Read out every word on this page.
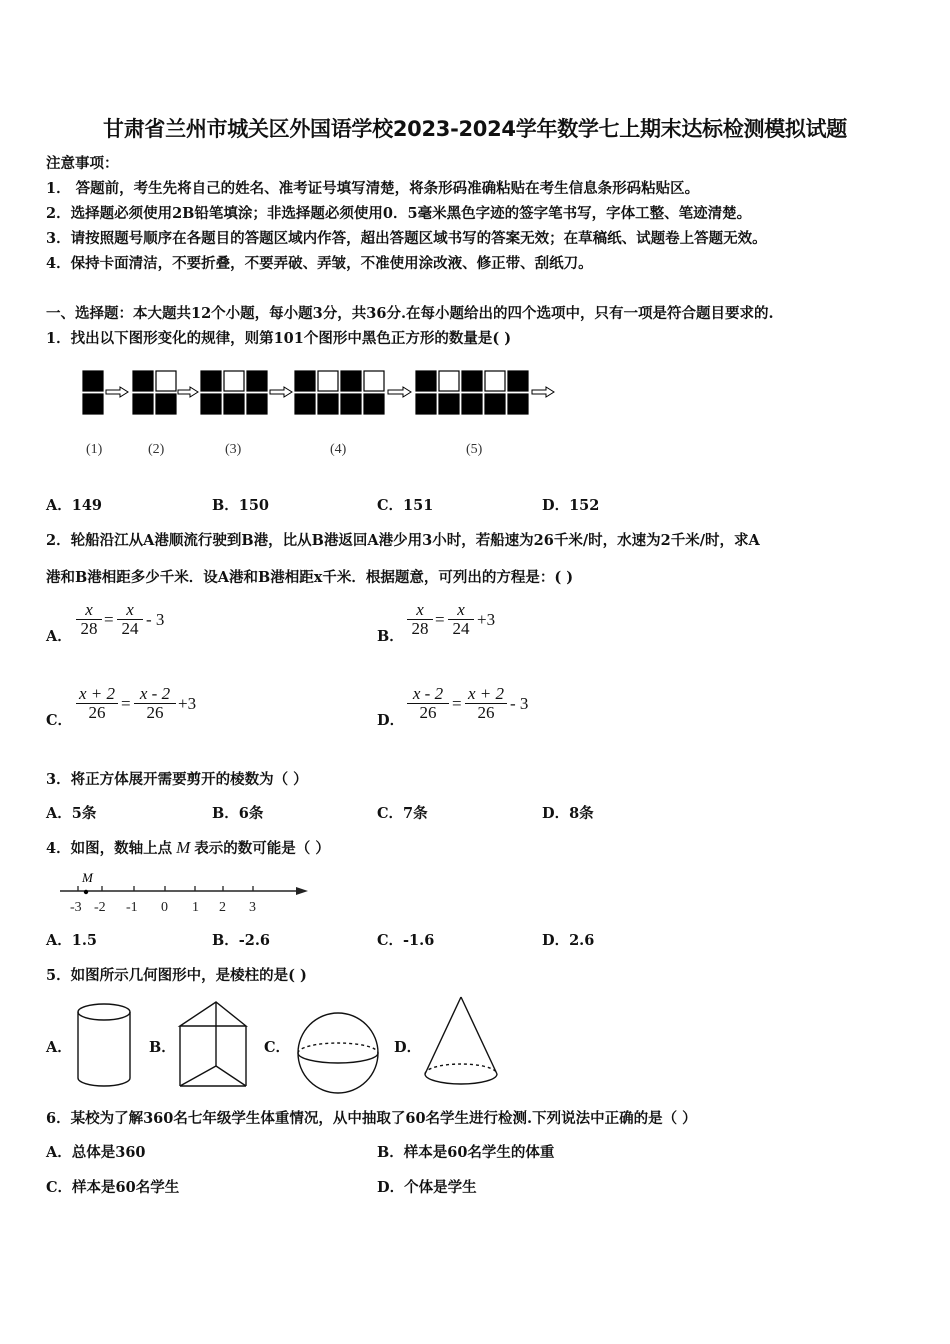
甘肃省兰州市城关区外国语学校2023-2024学年数学七上期末达标检测模拟试题
注意事项：
1． 答题前，考生先将自己的姓名、准考证号填写清楚，将条形码准确粘贴在考生信息条形码粘贴区。
2．选择题必须使用2B铅笔填涂；非选择题必须使用0．5毫米黑色字迹的签字笔书写，字体工整、笔迹清楚。
3．请按照题号顺序在各题目的答题区域内作答，超出答题区域书写的答案无效；在草稿纸、试题卷上答题无效。
4．保持卡面清洁，不要折叠，不要弄破、弄皱，不准使用涂改液、修正带、刮纸刀。
一、选择题：本大题共12个小题，每小题3分，共36分.在每小题给出的四个选项中，只有一项是符合题目要求的.
1．找出以下图形变化的规律，则第101个图形中黑色正方形的数量是( )
(1)	(2)	(3)	(4)	(5)
A．149	B．150	C．151	D．152
2．轮船沿江从A港顺流行驶到B港，比从B港返回A港少用3小时，若船速为26千米/时，水速为2千米/时，求A
港和B港相距多少千米．设A港和B港相距x千米．根据题意，可列出的方程是：( )
A． $\frac{x}{28} = \frac{x}{24} - 3$
B． $\frac{x}{28} = \frac{x}{24} +3$
C． $\frac{x + 2}{26} = \frac{x - 2}{26} +3$
D． $\frac{x - 2}{26} = \frac{x + 2}{26} - 3$
3．将正方体展开需要剪开的棱数为（ ）
A．5条	B．6条	C．7条	D．8条
4．如图，数轴上点 M 表示的数可能是（ ）
M
-3 -2 -1 0 1 2 3
A．1.5	B．-2.6	C．-1.6	D．2.6
5．如图所示几何图形中，是棱柱的是( )
A．	B．	C．	D．
6．某校为了解360名七年级学生体重情况，从中抽取了60名学生进行检测.下列说法中正确的是（ ）
A．总体是360	B．样本是60名学生的体重
C．样本是60名学生	D．个体是学生
